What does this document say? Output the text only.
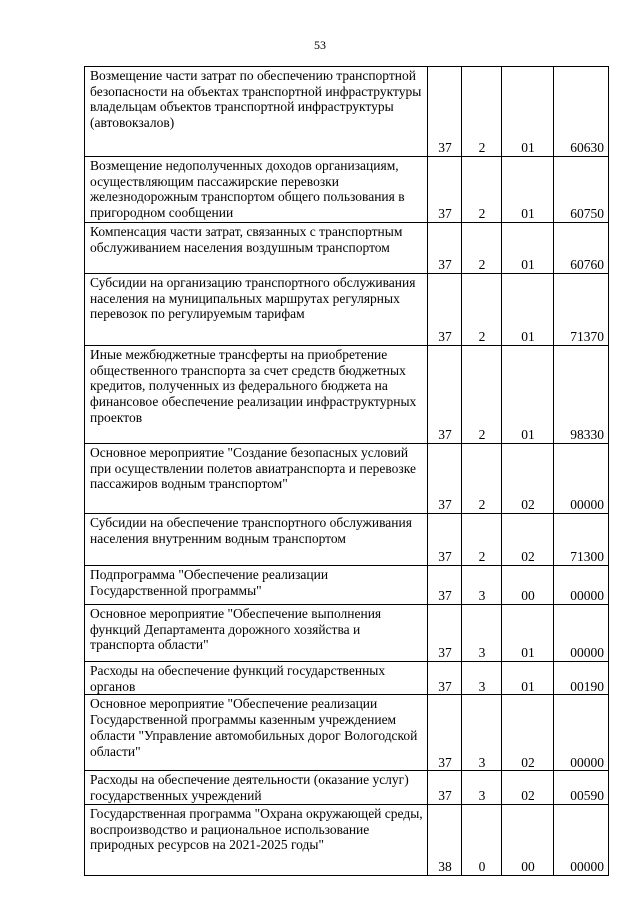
53
Возмещение части затрат по обеспечению транспортной безопасности на объектах транспортной инфраструктуры владельцам объектов транспортной инфраструктуры (автовокзалов)	37	2	01	60630
Возмещение недополученных доходов организациям, осуществляющим пассажирские перевозки железнодорожным транспортом общего пользования в пригородном сообщении	37	2	01	60750
Компенсация части затрат, связанных с транспортным обслуживанием населения воздушным транспортом	37	2	01	60760
Субсидии на организацию транспортного обслуживания населения на муниципальных маршрутах регулярных перевозок по регулируемым тарифам	37	2	01	71370
Иные межбюджетные трансферты на приобретение общественного транспорта за счет средств бюджетных кредитов, полученных из федерального бюджета на финансовое обеспечение реализации инфраструктурных проектов	37	2	01	98330
Основное мероприятие "Создание безопасных условий при осуществлении полетов авиатранспорта и перевозке пассажиров водным транспортом"	37	2	02	00000
Субсидии на обеспечение транспортного обслуживания населения внутренним водным транспортом	37	2	02	71300
Подпрограмма "Обеспечение реализации Государственной программы"	37	3	00	00000
Основное мероприятие "Обеспечение выполнения функций Департамента дорожного хозяйства и транспорта области"	37	3	01	00000
Расходы на обеспечение функций государственных органов	37	3	01	00190
Основное мероприятие "Обеспечение реализации Государственной программы казенным учреждением области "Управление автомобильных дорог Вологодской области"	37	3	02	00000
Расходы на обеспечение деятельности (оказание услуг) государственных учреждений	37	3	02	00590
Государственная программа "Охрана окружающей среды, воспроизводство и рациональное использование природных ресурсов на 2021-2025 годы"	38	0	00	00000
